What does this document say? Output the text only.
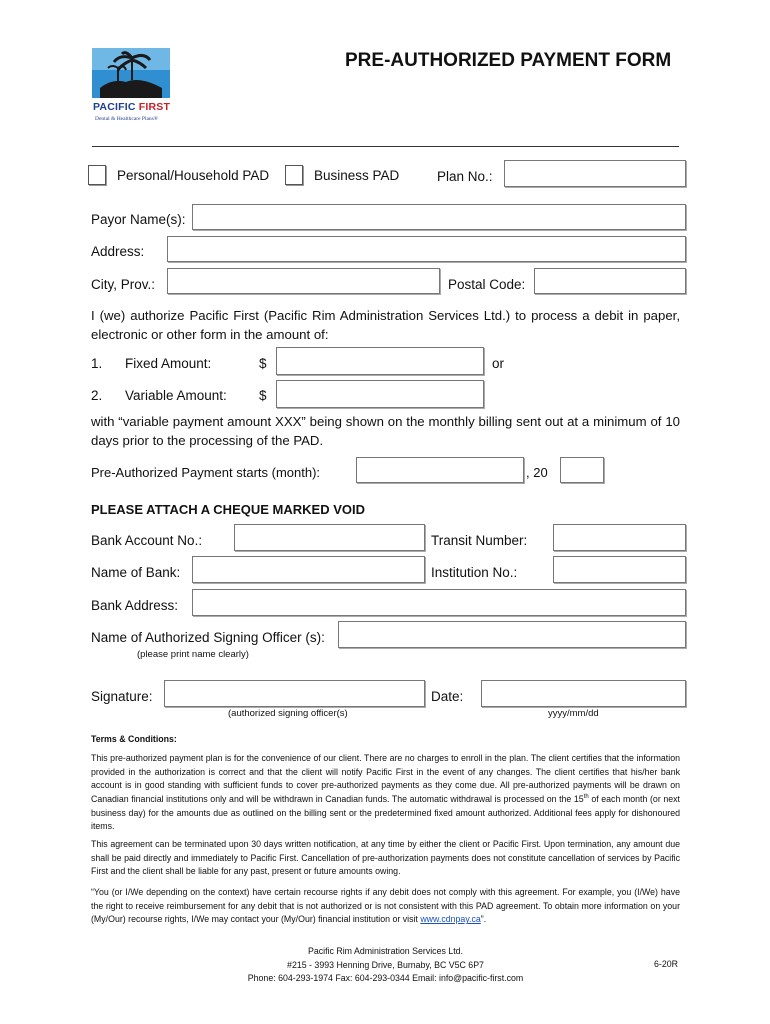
PACIFIC FIRST
Dental & Healthcare Plans®
PRE-AUTHORIZED PAYMENT FORM
Personal/Household PAD	Business PAD	Plan No.:
Payor Name(s):
Address:
City, Prov.:	Postal Code:
I (we) authorize Pacific First (Pacific Rim Administration Services Ltd.) to process a debit in paper, electronic or other form in the amount of:
1. Fixed Amount:	$	or
2. Variable Amount: $
with “variable payment amount XXX” being shown on the monthly billing sent out at a minimum of 10 days prior to the processing of the PAD.
Pre-Authorized Payment starts (month):	, 20
PLEASE ATTACH A CHEQUE MARKED VOID
Bank Account No.:	Transit Number:
Name of Bank:	Institution No.:
Bank Address:
Name of Authorized Signing Officer (s):
(please print name clearly)
Signature:
(authorized signing officer(s)
Date:
yyyy/mm/dd
Terms & Conditions:
This pre-authorized payment plan is for the convenience of our client. There are no charges to enroll in the plan. The client certifies that the information provided in the authorization is correct and that the client will notify Pacific First in the event of any changes. The client certifies that his/her bank account is in good standing with sufficient funds to cover pre-authorized payments as they come due. All pre-authorized payments will be drawn on Canadian financial institutions only and will be withdrawn in Canadian funds. The automatic withdrawal is processed on the 15th of each month (or next business day) for the amounts due as outlined on the billing sent or the predetermined fixed amount authorized. Additional fees apply for dishonoured items.
This agreement can be terminated upon 30 days written notification, at any time by either the client or Pacific First. Upon termination, any amount due shall be paid directly and immediately to Pacific First. Cancellation of pre-authorization payments does not constitute cancellation of services by Pacific First and the client shall be liable for any past, present or future amounts owing.
“You (or I/We depending on the context) have certain recourse rights if any debit does not comply with this agreement. For example, you (I/We) have the right to receive reimbursement for any debit that is not authorized or is not consistent with this PAD agreement. To obtain more information on your (My/Our) recourse rights, I/We may contact your (My/Our) financial institution or visit www.cdnpay.ca”.
Pacific Rim Administration Services Ltd.
#215 - 3993 Henning Drive, Burnaby, BC V5C 6P7
Phone: 604-293-1974 Fax: 604-293-0344 Email: info@pacific-first.com
6-20R
